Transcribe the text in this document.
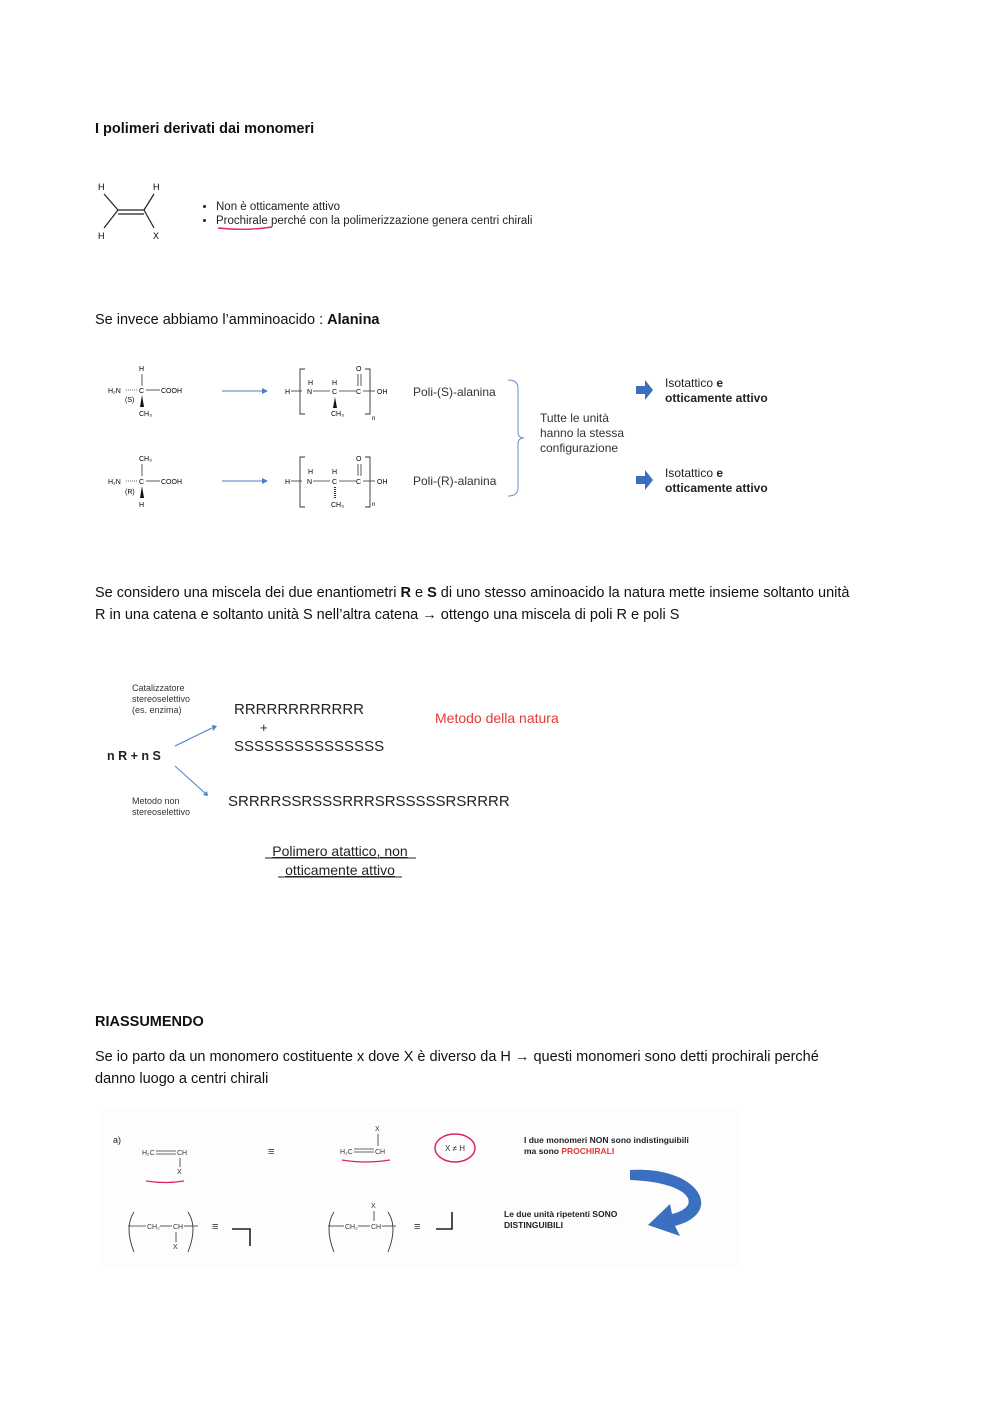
I polimeri derivati dai monomeri
H	H
H	X
• Non è otticamente attivo
• Prochirale perché con la polimerizzazione genera centri chirali
Se invece abbiamo l’amminoacido : Alanina
H
H₂N	C COOH
(S)
CH₃
H
H
N
H
C
CH₃
O
C OH
n
Poli-(S)-alanina
CH₃
H₂N	C COOH
(R)
H
H
H
N
H
C
CH₃
O
C OH
n
Poli-(R)-alanina
Tutte le unità
hanno la stessa
configurazione
Isotattico e
otticamente attivo
Isotattico e
otticamente attivo
Se considero una miscela dei due enantiometri R e S di uno stesso aminoacido la natura mette insieme soltanto unità
R in una catena e soltanto unità S nell’altra catena → ottengo una miscela di poli R e poli S
Catalizzatore
stereoselettivo
(es. enzima)
n R + n S
RRRRRRRRRRRR
+
SSSSSSSSSSSSSSS
Metodo della natura
Metodo non
stereoselettivo
SRRRRSSRSSSRRRSRSSSSSRSRRRR
Polimero atattico, non
otticamente attivo
RIASSUMENDO
Se io parto da un monomero costituente x dove X è diverso da H → questi monomeri sono detti prochirali perché
danno luogo a centri chirali
a)
H₂C	CH
X
≡
X
H₂C	CH	X ≠ H
I due monomeri NON sono indistinguibili
ma sono PROCHIRALI
Le due unità ripetenti SONO
DISTINGUIBILI
CH₂ CH
X
≡	CH₂
X
CH	≡
